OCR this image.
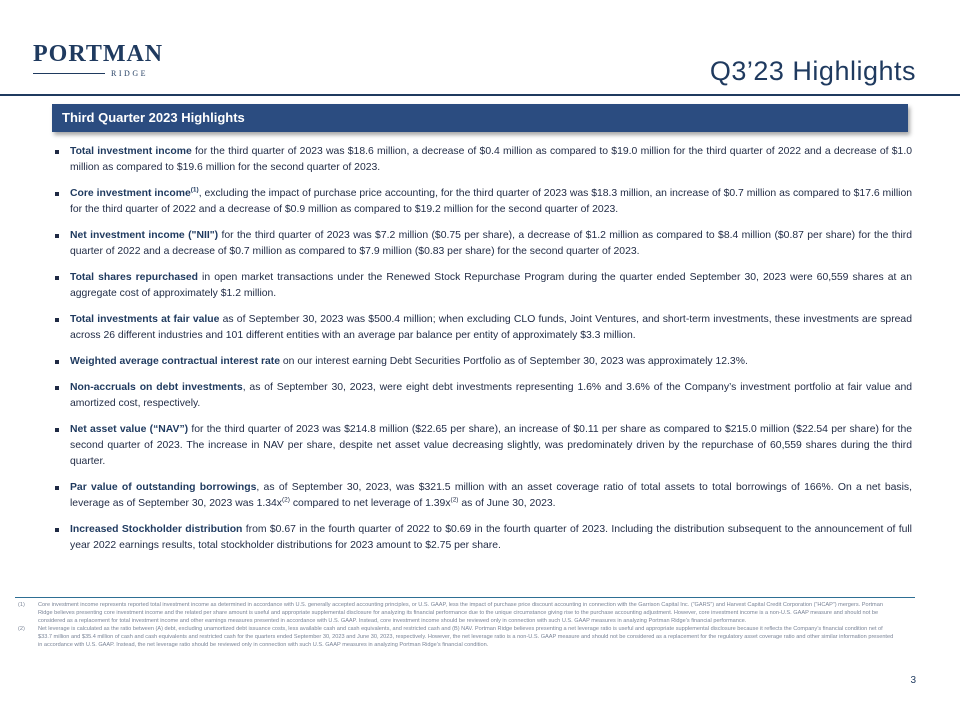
PORTMAN
RIDGE	Q3’23 Highlights
Third Quarter 2023 Highlights
Total investment income for the third quarter of 2023 was $18.6 million, a decrease of $0.4 million as compared to $19.0 million for the third quarter of 2022 and a decrease of $1.0 million as compared to $19.6 million for the second quarter of 2023.
Core investment income$^{(1)}$, excluding the impact of purchase price accounting, for the third quarter of 2023 was $18.3 million, an increase of $0.7 million as compared to $17.6 million for the third quarter of 2022 and a decrease of $0.9 million as compared to $19.2 million for the second quarter of 2023.
Net investment income ("NII") for the third quarter of 2023 was $7.2 million ($0.75 per share), a decrease of $1.2 million as compared to $8.4 million ($0.87 per share) for the third quarter of 2022 and a decrease of $0.7 million as compared to $7.9 million ($0.83 per share) for the second quarter of 2023.
Total shares repurchased in open market transactions under the Renewed Stock Repurchase Program during the quarter ended September 30, 2023 were 60,559 shares at an aggregate cost of approximately $1.2 million.
Total investments at fair value as of September 30, 2023 was $500.4 million; when excluding CLO funds, Joint Ventures, and short-term investments, these investments are spread across 26 different industries and 101 different entities with an average par balance per entity of approximately $3.3 million.
Weighted average contractual interest rate on our interest earning Debt Securities Portfolio as of September 30, 2023 was approximately 12.3%.
Non-accruals on debt investments, as of September 30, 2023, were eight debt investments representing 1.6% and 3.6% of the Company’s investment portfolio at fair value and amortized cost, respectively.
Net asset value (“NAV”) for the third quarter of 2023 was $214.8 million ($22.65 per share), an increase of $0.11 per share as compared to $215.0 million ($22.54 per share) for the second quarter of 2023. The increase in NAV per share, despite net asset value decreasing slightly, was predominately driven by the repurchase of 60,559 shares during the third quarter.
Par value of outstanding borrowings, as of September 30, 2023, was $321.5 million with an asset coverage ratio of total assets to total borrowings of 166%. On a net basis, leverage as of September 30, 2023 was $1.34x^{(2)}$ compared to net leverage of $1.39x^{(2)}$ as of June 30, 2023.
Increased Stockholder distribution from $0.67 in the fourth quarter of 2022 to $0.69 in the fourth quarter of 2023. Including the distribution subsequent to the announcement of full year 2022 earnings results, total stockholder distributions for 2023 amount to $2.75 per share.
(1)	Core investment income represents reported total investment income as determined in accordance with U.S. generally accepted accounting principles, or U.S. GAAP, less the impact of purchase price discount accounting in connection with the Garrison Capital Inc. (“GARS”) and Harvest Capital Credit Corporation (“HCAP”) mergers. Portman Ridge believes presenting core investment income and the related per share amount is useful and appropriate supplemental disclosure for analyzing its financial performance due to the unique circumstance giving rise to the purchase accounting adjustment. However, core investment income is a non-U.S. GAAP measure and should not be considered as a replacement for total investment income and other earnings measures presented in accordance with U.S. GAAP. Instead, core investment income should be reviewed only in connection with such U.S. GAAP measures in analyzing Portman Ridge’s financial performance.
(2)	Net leverage is calculated as the ratio between (A) debt, excluding unamortized debt issuance costs, less available cash and cash equivalents, and restricted cash and (B) NAV. Portman Ridge believes presenting a net leverage ratio is useful and appropriate supplemental disclosure because it reflects the Company’s financial condition net of $33.7 million and $35.4 million of cash and cash equivalents and restricted cash for the quarters ended September 30, 2023 and June 30, 2023, respectively. However, the net leverage ratio is a non-U.S. GAAP measure and should not be considered as a replacement for the regulatory asset coverage ratio and other similar information presented in accordance with U.S. GAAP. Instead, the net leverage ratio should be reviewed only in connection with such U.S. GAAP measures in analyzing Portman Ridge’s financial condition.
3
